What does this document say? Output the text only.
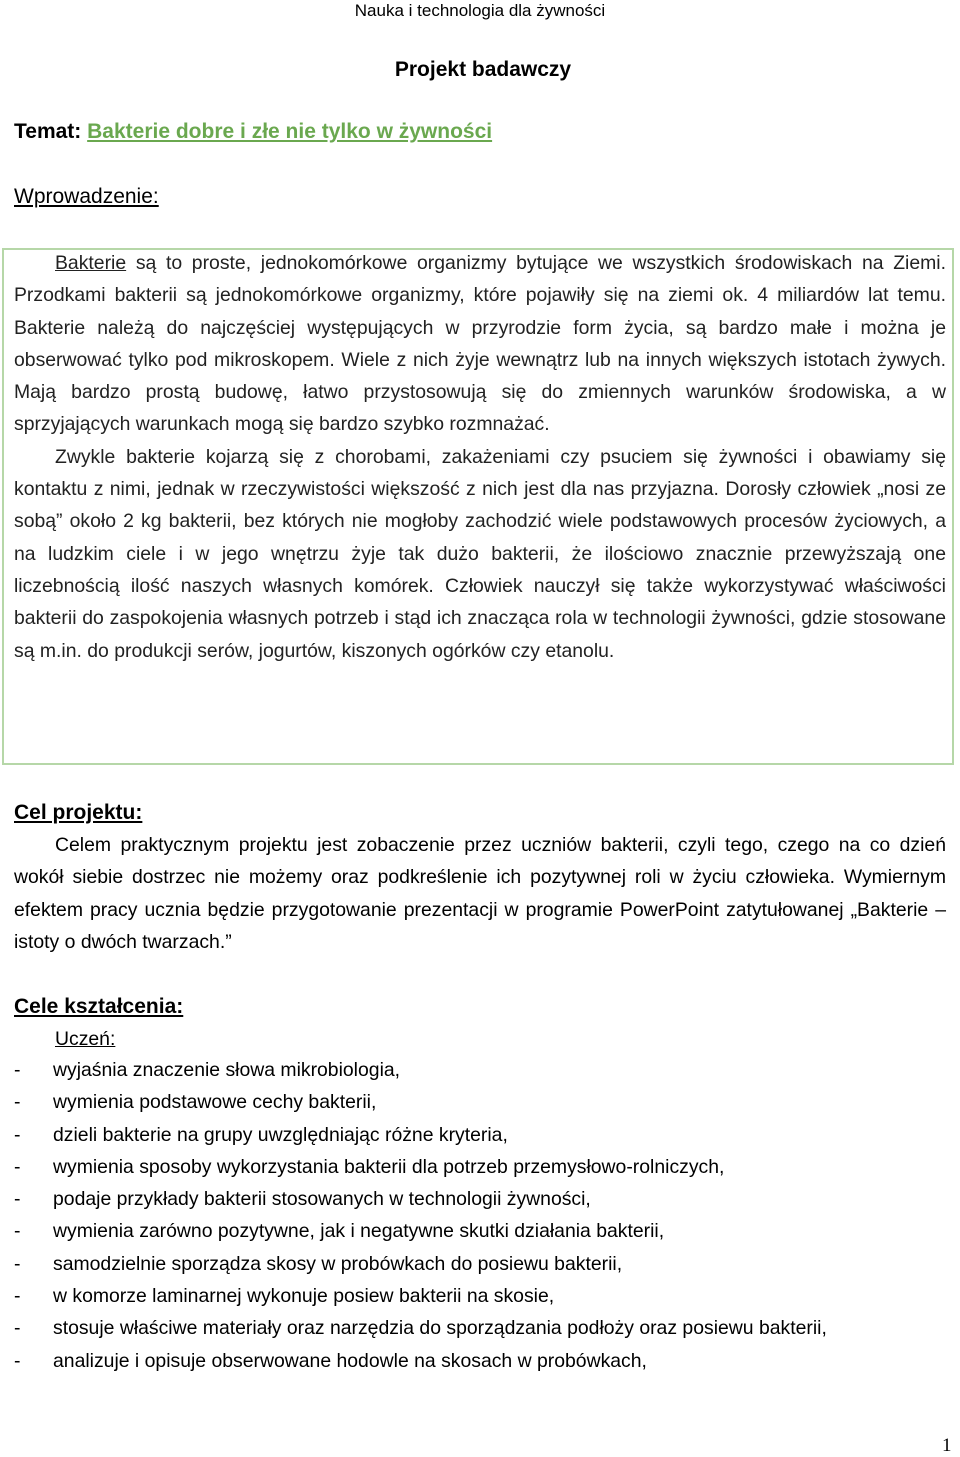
Nauka i technologia dla żywności
Projekt badawczy
Temat: Bakterie dobre i złe nie tylko w żywności
Wprowadzenie:

Bakterie są to proste, jednokomórkowe organizmy bytujące we wszystkich środowiskach na Ziemi. Przodkami bakterii są jednokomórkowe organizmy, które pojawiły się na ziemi ok. 4 miliardów lat temu. Bakterie należą do najczęściej występujących w przyrodzie form życia, są bardzo małe i można je obserwować tylko pod mikroskopem. Wiele z nich żyje wewnątrz lub na innych większych istotach żywych. Mają bardzo prostą budowę, łatwo przystosowują się do zmiennych warunków środowiska, a w sprzyjających warunkach mogą się bardzo szybko rozmnażać.

Zwykle bakterie kojarzą się z chorobami, zakażeniami czy psuciem się żywności i obawiamy się kontaktu z nimi, jednak w rzeczywistości większość z nich jest dla nas przyjazna. Dorosły człowiek „nosi ze sobą” około 2 kg bakterii, bez których nie mogłoby zachodzić wiele podstawowych procesów życiowych, a na ludzkim ciele i w jego wnętrzu żyje tak dużo bakterii, że ilościowo znacznie przewyższają one liczebnością ilość naszych własnych komórek. Człowiek nauczył się także wykorzystywać właściwości bakterii do zaspokojenia własnych potrzeb i stąd ich znacząca rola w technologii żywności, gdzie stosowane są m.in. do produkcji serów, jogurtów, kiszonych ogórków czy etanolu.

Cel projektu:

Celem praktycznym projektu jest zobaczenie przez uczniów bakterii, czyli tego, czego na co dzień wokół siebie dostrzec nie możemy oraz podkreślenie ich pozytywnej roli w życiu człowieka. Wymiernym efektem pracy ucznia będzie przygotowanie prezentacji w programie PowerPoint zatytułowanej „Bakterie – istoty o dwóch twarzach.”

Cele kształcenia:
Uczeń:
- wyjaśnia znaczenie słowa mikrobiologia,
- wymienia podstawowe cechy bakterii,
- dzieli bakterie na grupy uwzględniając różne kryteria,
- wymienia sposoby wykorzystania bakterii dla potrzeb przemysłowo-rolniczych,
- podaje przykłady bakterii stosowanych w technologii żywności,
- wymienia zarówno pozytywne, jak i negatywne skutki działania bakterii,
- samodzielnie sporządza skosy w probówkach do posiewu bakterii,
- w komorze laminarnej wykonuje posiew bakterii na skosie,
- stosuje właściwe materiały oraz narzędzia do sporządzania podłoży oraz posiewu bakterii,
- analizuje i opisuje obserwowane hodowle na skosach w probówkach,
1
